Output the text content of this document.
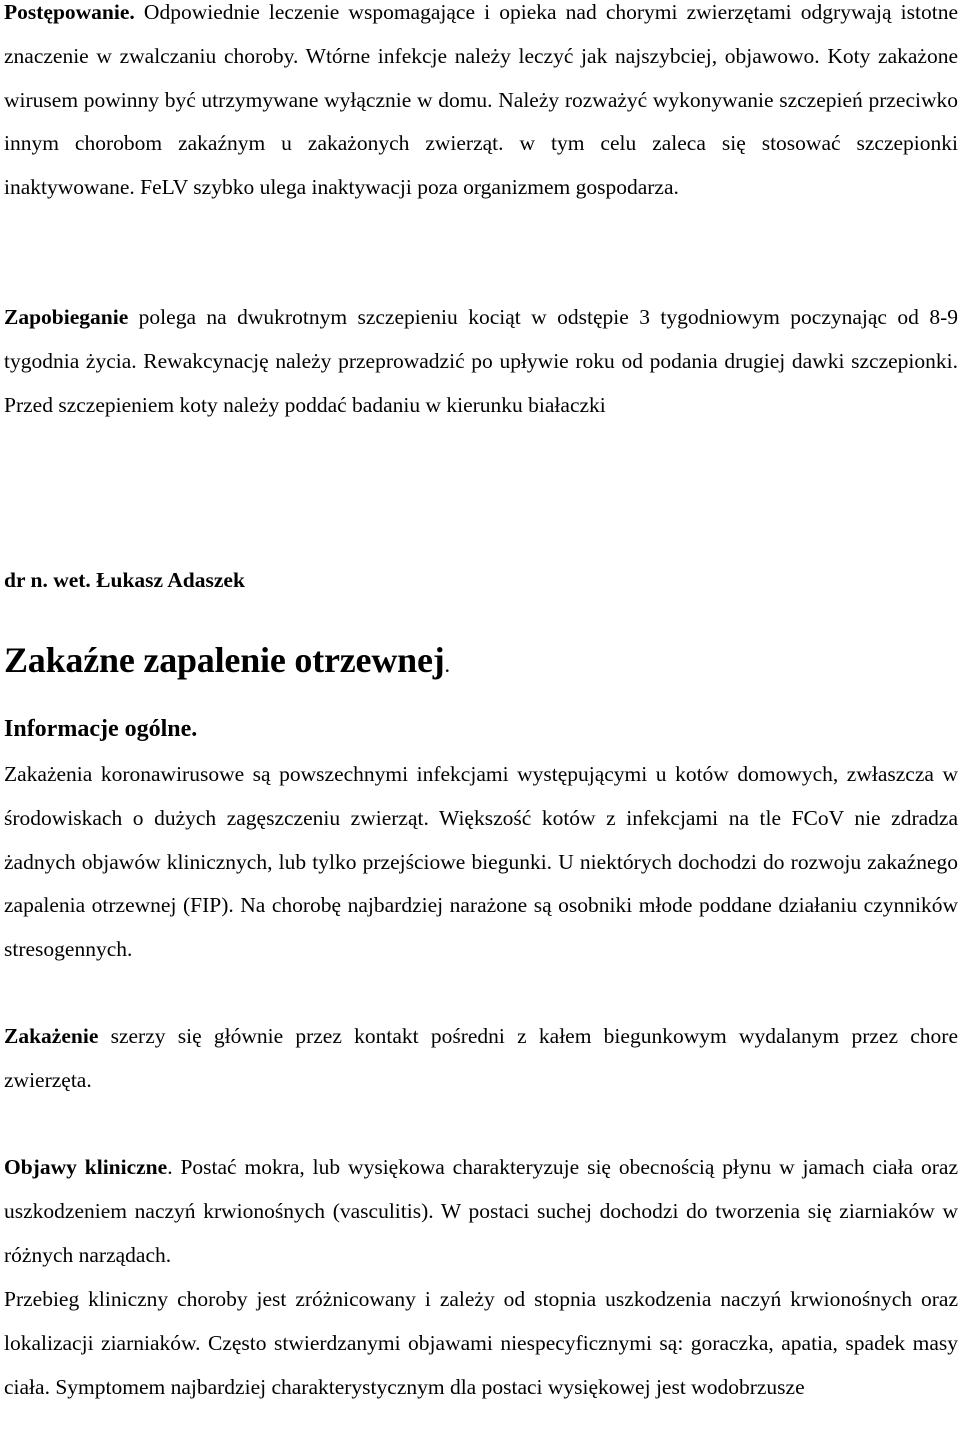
Postępowanie. Odpowiednie leczenie wspomagające i opieka nad chorymi zwierzętami odgrywają istotne znaczenie w zwalczaniu choroby. Wtórne infekcje należy leczyć jak najszybciej, objawowo. Koty zakażone wirusem powinny być utrzymywane wyłącznie w domu. Należy rozważyć wykonywanie szczepień przeciwko innym chorobom zakaźnym u zakażonych zwierząt. w tym celu zaleca się stosować szczepionki inaktywowane. FeLV szybko ulega inaktywacji poza organizmem gospodarza.

Zapobieganie polega na dwukrotnym szczepieniu kociąt w odstępie 3 tygodniowym poczynając od 8-9 tygodnia życia. Rewakcynację należy przeprowadzić po upływie roku od podania drugiej dawki szczepionki. Przed szczepieniem koty należy poddać badaniu w kierunku białaczki

dr n. wet. Łukasz Adaszek

Zakaźne zapalenie otrzewnej.
Informacje ogólne.

Zakażenia koronawirusowe są powszechnymi infekcjami występującymi u kotów domowych, zwłaszcza w środowiskach o dużych zagęszczeniu zwierząt. Większość kotów z infekcjami na tle FCoV nie zdradza żadnych objawów klinicznych, lub tylko przejściowe biegunki. U niektórych dochodzi do rozwoju zakaźnego zapalenia otrzewnej (FIP). Na chorobę najbardziej narażone są osobniki młode poddane działaniu czynników stresogennych.

Zakażenie szerzy się głównie przez kontakt pośredni z kałem biegunkowym wydalanym przez chore zwierzęta.

Objawy kliniczne. Postać mokra, lub wysiękowa charakteryzuje się obecnością płynu w jamach ciała oraz uszkodzeniem naczyń krwionośnych (vasculitis). W postaci suchej dochodzi do tworzenia się ziarniaków w różnych narządach.

Przebieg kliniczny choroby jest zróżnicowany i zależy od stopnia uszkodzenia naczyń krwionośnych oraz lokalizacji ziarniaków. Często stwierdzanymi objawami niespecyficznymi są: goraczka, apatia, spadek masy ciała. Symptomem najbardziej charakterystycznym dla postaci wysiękowej jest wodobrzusze
